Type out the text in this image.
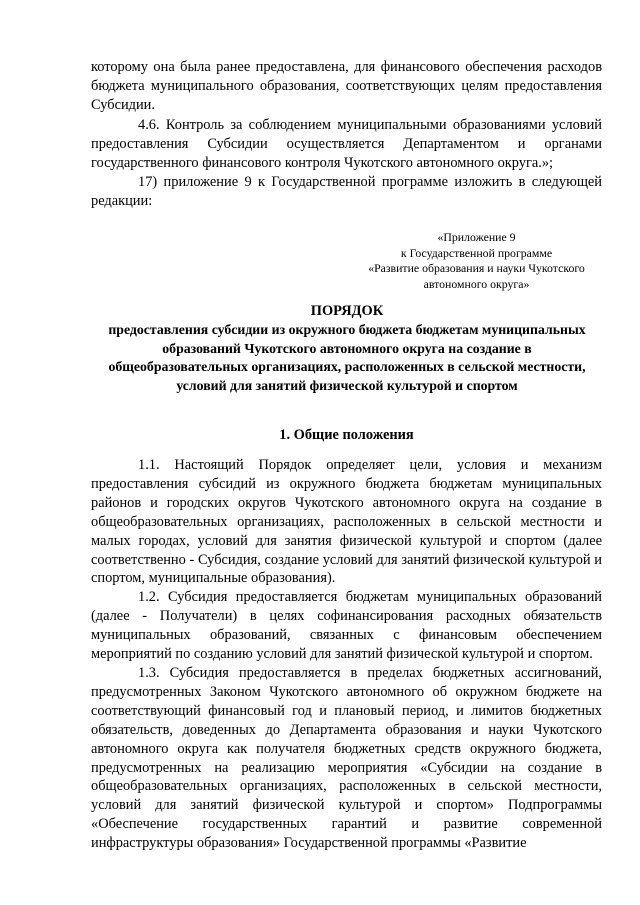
которому она была ранее предоставлена, для финансового обеспечения расходов бюджета муниципального образования, соответствующих целям предоставления Субсидии.

4.6. Контроль за соблюдением муниципальными образованиями условий предоставления Субсидии осуществляется Департаментом и органами государственного финансового контроля Чукотского автономного округа.»;

17) приложение 9 к Государственной программе изложить в следующей редакции:

«Приложение 9
к Государственной программе
«Развитие образования и науки Чукотского автономного округа»
ПОРЯДОК
предоставления субсидии из окружного бюджета бюджетам муниципальных образований Чукотского автономного округа на создание в общеобразовательных организациях, расположенных в сельской местности, условий для занятий физической культурой и спортом
1. Общие положения

1.1. Настоящий Порядок определяет цели, условия и механизм предоставления субсидий из окружного бюджета бюджетам муниципальных районов и городских округов Чукотского автономного округа на создание в общеобразовательных организациях, расположенных в сельской местности и малых городах, условий для занятия физической культурой и спортом (далее соответственно - Субсидия, создание условий для занятий физической культурой и спортом, муниципальные образования).

1.2. Субсидия предоставляется бюджетам муниципальных образований (далее - Получатели) в целях софинансирования расходных обязательств муниципальных образований, связанных с финансовым обеспечением мероприятий по созданию условий для занятий физической культурой и спортом.

1.3. Субсидия предоставляется в пределах бюджетных ассигнований, предусмотренных Законом Чукотского автономного об окружном бюджете на соответствующий финансовый год и плановый период, и лимитов бюджетных обязательств, доведенных до Департамента образования и науки Чукотского автономного округа как получателя бюджетных средств окружного бюджета, предусмотренных на реализацию мероприятия «Субсидии на создание в общеобразовательных организациях, расположенных в сельской местности, условий для занятий физической культурой и спортом» Подпрограммы «Обеспечение государственных гарантий и развитие современной инфраструктуры образования» Государственной программы «Развитие
